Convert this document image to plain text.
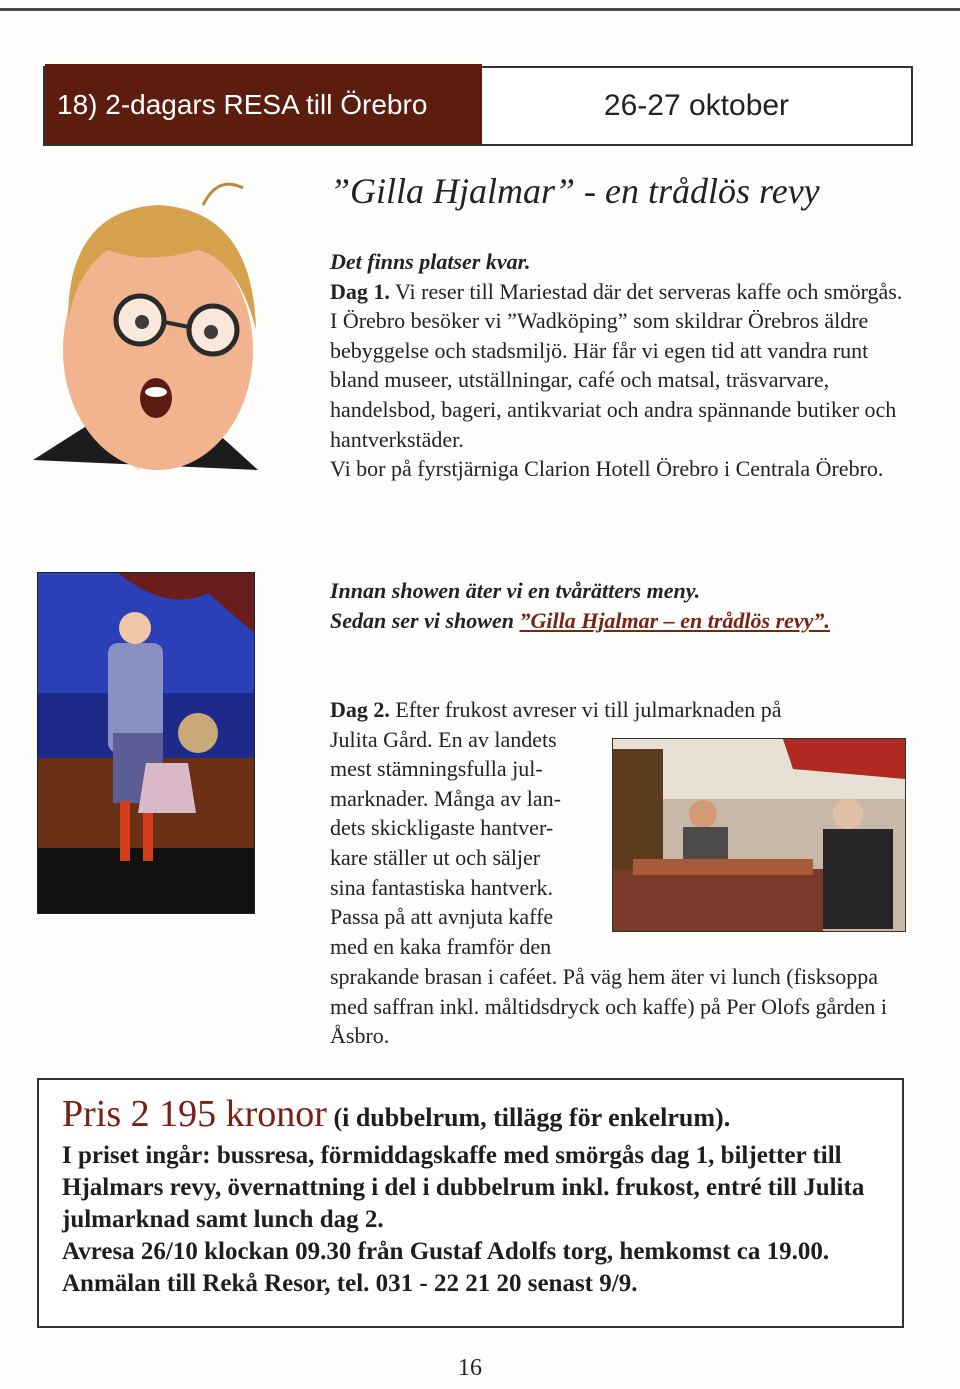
18) 2-dagars RESA till Örebro	26-27 oktober
”Gilla Hjalmar” - en trådlös revy
Det finns platser kvar.
Dag 1. Vi reser till Mariestad där det serveras kaffe och smörgås. I Örebro besöker vi ”Wadköping” som skildrar Örebros äldre bebyggelse och stadsmiljö. Här får vi egen tid att vandra runt bland museer, utställningar, café och matsal, träsvarvare, handelsbod, bageri, antikvariat och andra spännande butiker och hantverkstäder.
Vi bor på fyrstjärniga Clarion Hotell Örebro i Centrala Örebro.
Innan showen äter vi en tvårätters meny.
Sedan ser vi showen ”Gilla Hjalmar – en trådlös revy”.
Dag 2. Efter frukost avreser vi till julmarknaden på
Julita Gård. En av landets
mest stämningsfulla jul-
marknader. Många av lan-
dets skickligaste hantver-
kare ställer ut och säljer
sina fantastiska hantverk.
Passa på att avnjuta kaffe
med en kaka framför den
sprakande brasan i caféet. På väg hem äter vi lunch (fisksoppa med saffran inkl. måltidsdryck och kaffe) på Per Olofs gården i Åsbro.
Pris 2 195 kronor (i dubbelrum, tillägg för enkelrum).
I priset ingår: bussresa, förmiddagskaffe med smörgås dag 1, biljetter till Hjalmars revy, övernattning i del i dubbelrum inkl. frukost, entré till Julita julmarknad samt lunch dag 2.
Avresa 26/10 klockan 09.30 från Gustaf Adolfs torg, hemkomst ca 19.00. Anmälan till Rekå Resor, tel. 031 - 22 21 20 senast 9/9.
16
